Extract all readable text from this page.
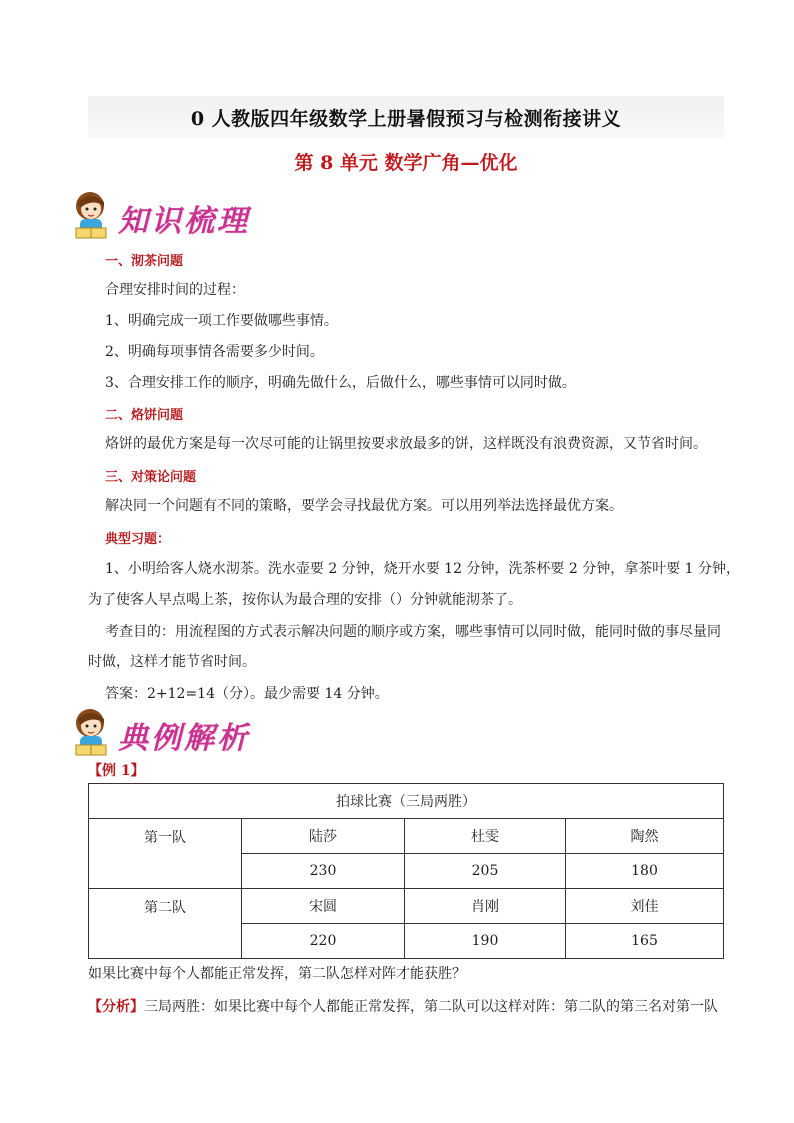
0 人教版四年级数学上册暑假预习与检测衔接讲义
第 8 单元 数学广角—优化
知识梳理
一、沏茶问题
合理安排时间的过程：
1、明确完成一项工作要做哪些事情。
2、明确每项事情各需要多少时间。
3、合理安排工作的顺序，明确先做什么，后做什么，哪些事情可以同时做。
二、烙饼问题
烙饼的最优方案是每一次尽可能的让锅里按要求放最多的饼，这样既没有浪费资源，又节省时间。
三、对策论问题
解决同一个问题有不同的策略，要学会寻找最优方案。可以用列举法选择最优方案。
典型习题：
1、小明给客人烧水沏茶。洗水壶要 2 分钟，烧开水要 12 分钟，洗茶杯要 2 分钟，拿茶叶要 1 分钟，
为了使客人早点喝上茶，按你认为最合理的安排（）分钟就能沏茶了。
考查目的：用流程图的方式表示解决问题的顺序或方案，哪些事情可以同时做，能同时做的事尽量同
时做，这样才能节省时间。
答案：2+12=14（分）。最少需要 14 分钟。
典例解析
【例 1】
拍球比赛（三局两胜）			
第一队	陆莎	杜雯	陶然
	230	205	180
第二队	宋圆	肖刚	刘佳
	220	190	165
如果比赛中每个人都能正常发挥，第二队怎样对阵才能获胜？
【分析】三局两胜：如果比赛中每个人都能正常发挥，第二队可以这样对阵：第二队的第三名对第一队
